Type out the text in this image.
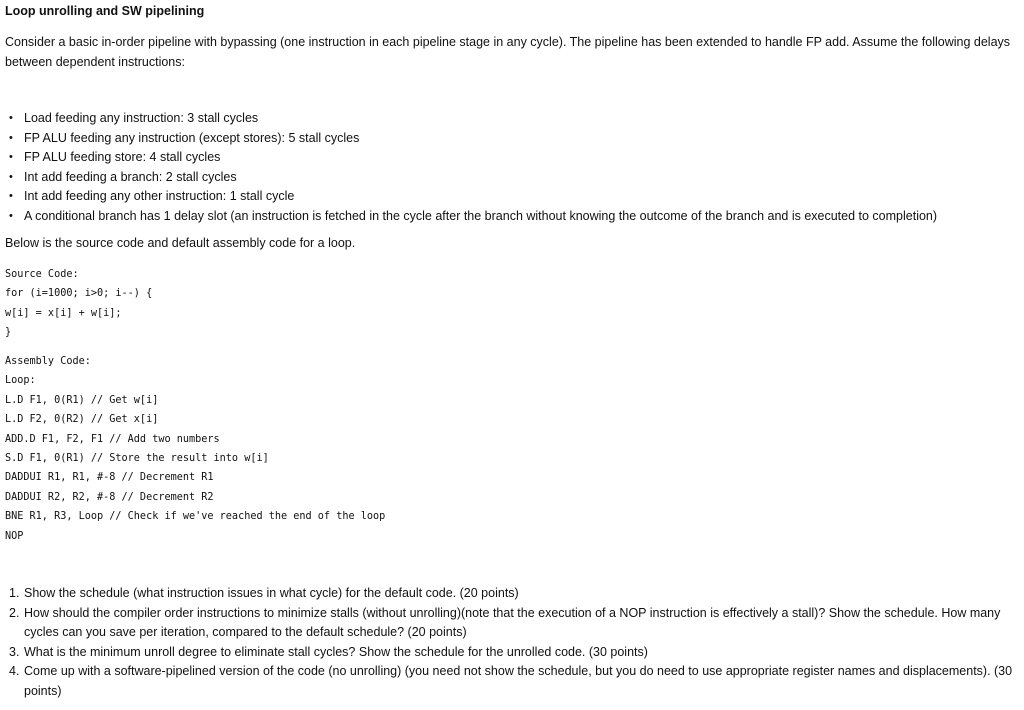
Loop unrolling and SW pipelining
Consider a basic in-order pipeline with bypassing (one instruction in each pipeline stage in any cycle). The pipeline has been extended to handle FP add. Assume the following delays between dependent instructions:
• Load feeding any instruction: 3 stall cycles
• FP ALU feeding any instruction (except stores): 5 stall cycles
• FP ALU feeding store: 4 stall cycles
• Int add feeding a branch: 2 stall cycles
• Int add feeding any other instruction: 1 stall cycle
• A conditional branch has 1 delay slot (an instruction is fetched in the cycle after the branch without knowing the outcome of the branch and is executed to completion)
Below is the source code and default assembly code for a loop.
Source Code:
for (i=1000; i>0; i--) {
w[i] = x[i] + w[i];
}
Assembly Code:
Loop:
L.D F1, 0(R1) // Get w[i]
L.D F2, 0(R2) // Get x[i]
ADD.D F1, F2, F1 // Add two numbers
S.D F1, 0(R1) // Store the result into w[i]
DADDUI R1, R1, #-8 // Decrement R1
DADDUI R2, R2, #-8 // Decrement R2
BNE R1, R3, Loop // Check if we've reached the end of the loop
NOP
1. Show the schedule (what instruction issues in what cycle) for the default code. (20 points)
2. How should the compiler order instructions to minimize stalls (without unrolling)(note that the execution of a NOP instruction is effectively a stall)? Show the schedule. How many cycles can you save per iteration, compared to the default schedule? (20 points)
3. What is the minimum unroll degree to eliminate stall cycles? Show the schedule for the unrolled code. (30 points)
4. Come up with a software-pipelined version of the code (no unrolling) (you need not show the schedule, but you do need to use appropriate register names and displacements). (30 points)
